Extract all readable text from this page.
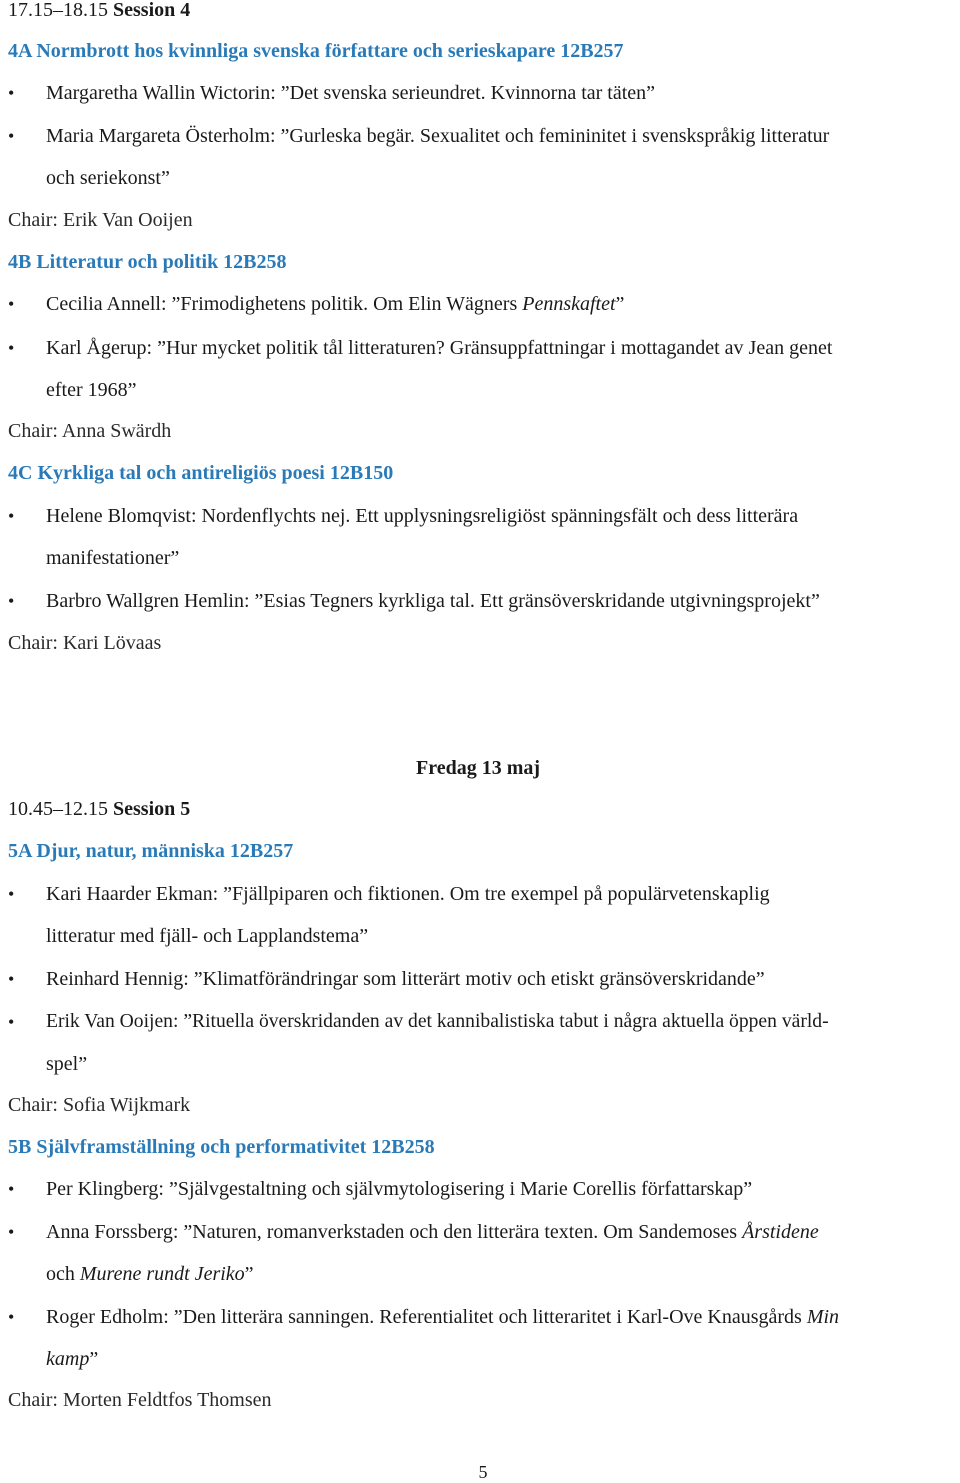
17.15–18.15 Session 4
4A Normbrott hos kvinnliga svenska författare och serieskapare 12B257
• Margaretha Wallin Wictorin: ”Det svenska serieundret. Kvinnorna tar täten”
• Maria Margareta Österholm: ”Gurleska begär. Sexualitet och femininitet i svenskspråkig litteratur
och seriekonst”
Chair: Erik Van Ooijen
4B Litteratur och politik 12B258
• Cecilia Annell: ”Frimodighetens politik. Om Elin Wägners Pennskaftet”
• Karl Ågerup: ”Hur mycket politik tål litteraturen? Gränsuppfattningar i mottagandet av Jean genet
efter 1968”
Chair: Anna Swärdh
4C Kyrkliga tal och antireligiös poesi 12B150
• Helene Blomqvist: Nordenflychts nej. Ett upplysningsreligiöst spänningsfält och dess litterära
manifestationer”
• Barbro Wallgren Hemlin: ”Esias Tegners kyrkliga tal. Ett gränsöverskridande utgivningsprojekt”
Chair: Kari Lövaas
Fredag 13 maj
10.45–12.15 Session 5
5A Djur, natur, människa 12B257
• Kari Haarder Ekman: ”Fjällpiparen och fiktionen. Om tre exempel på populärvetenskaplig
litteratur med fjäll- och Lapplandstema”
• Reinhard Hennig: ”Klimatförändringar som litterärt motiv och etiskt gränsöverskridande”
• Erik Van Ooijen: ”Rituella överskridanden av det kannibalistiska tabut i några aktuella öppen värld-
spel”
Chair: Sofia Wijkmark
5B Självframställning och performativitet 12B258
• Per Klingberg: ”Självgestaltning och självmytologisering i Marie Corellis författarskap”
• Anna Forssberg: ”Naturen, romanverkstaden och den litterära texten. Om Sandemoses Årstidene
och Murene rundt Jeriko”
• Roger Edholm: ”Den litterära sanningen. Referentialitet och litteraritet i Karl-Ove Knausgårds Min
kamp”
Chair: Morten Feldtfos Thomsen
5
